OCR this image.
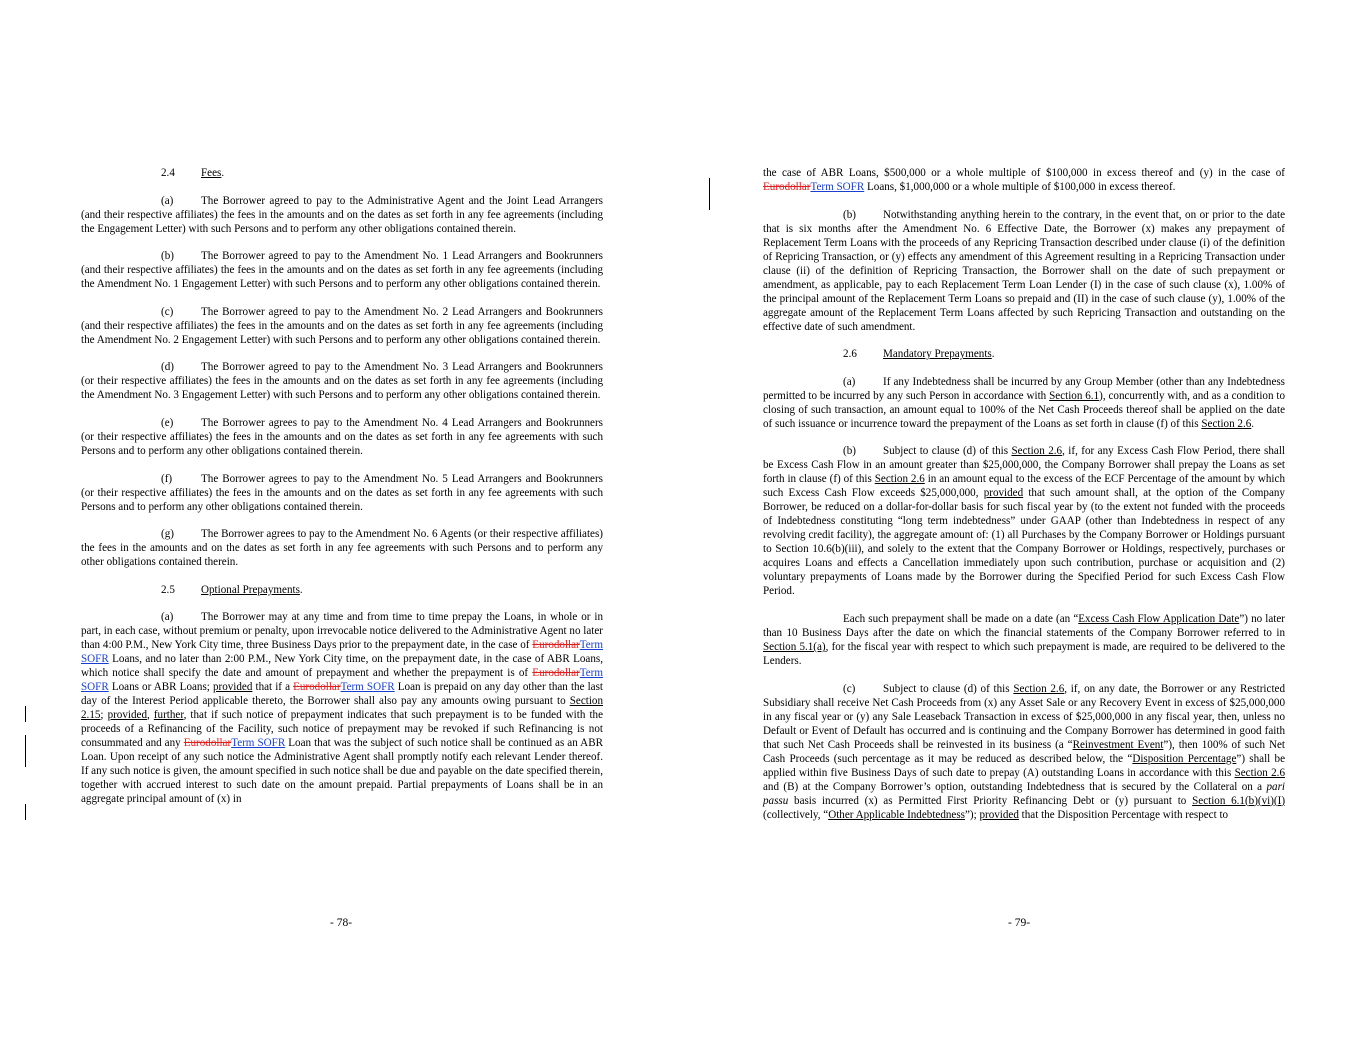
2.4 Fees.

(a) The Borrower agreed to pay to the Administrative Agent and the Joint Lead Arrangers (and their respective affiliates) the fees in the amounts and on the dates as set forth in any fee agreements (including the Engagement Letter) with such Persons and to perform any other obligations contained therein.

(b) The Borrower agreed to pay to the Amendment No. 1 Lead Arrangers and Bookrunners (and their respective affiliates) the fees in the amounts and on the dates as set forth in any fee agreements (including the Amendment No. 1 Engagement Letter) with such Persons and to perform any other obligations contained therein.

(c) The Borrower agreed to pay to the Amendment No. 2 Lead Arrangers and Bookrunners (and their respective affiliates) the fees in the amounts and on the dates as set forth in any fee agreements (including the Amendment No. 2 Engagement Letter) with such Persons and to perform any other obligations contained therein.

(d) The Borrower agreed to pay to the Amendment No. 3 Lead Arrangers and Bookrunners (or their respective affiliates) the fees in the amounts and on the dates as set forth in any fee agreements (including the Amendment No. 3 Engagement Letter) with such Persons and to perform any other obligations contained therein.

(e) The Borrower agrees to pay to the Amendment No. 4 Lead Arrangers and Bookrunners (or their respective affiliates) the fees in the amounts and on the dates as set forth in any fee agreements with such Persons and to perform any other obligations contained therein.

(f)	The Borrower agrees to pay to the Amendment No. 5 Lead Arrangers and Bookrunners (or their respective affiliates) the fees in the amounts and on the dates as set forth in any fee agreements with such Persons and to perform any other obligations contained therein.

(g) The Borrower agrees to pay to the Amendment No. 6 Agents (or their respective affiliates) the fees in the amounts and on the dates as set forth in any fee agreements with such Persons and to perform any other obligations contained therein.

2.5 Optional Prepayments.

(a) The Borrower may at any time and from time to time prepay the Loans, in whole or in part, in each case, without premium or penalty, upon irrevocable notice delivered to the Administrative Agent no later than 4:00 P.M., New York City time, three Business Days prior to the prepayment date, in the case of EurodollarTerm SOFR Loans, and no later than 2:00 P.M., New York City time, on the prepayment date, in the case of ABR Loans, which notice shall specify the date and amount of prepayment and whether the prepayment is of EurodollarTerm SOFR Loans or ABR Loans; provided that if a EurodollarTerm SOFR Loan is prepaid on any day other than the last day of the Interest Period applicable thereto, the Borrower shall also pay any amounts owing pursuant to Section 2.15; provided, further, that if such notice of prepayment indicates that such prepayment is to be funded with the proceeds of a Refinancing of the Facility, such notice of prepayment may be revoked if such Refinancing is not consummated and any EurodollarTerm SOFR Loan that was the subject of such notice shall be continued as an ABR Loan. Upon receipt of any such notice the Administrative Agent shall promptly notify each relevant Lender thereof. If any such notice is given, the amount specified in such notice shall be due and payable on the date specified therein, together with accrued interest to such date on the amount prepaid. Partial prepayments of Loans shall be in an aggregate principal amount of (x) in

- 78-

the case of ABR Loans, $500,000 or a whole multiple of $100,000 in excess thereof and (y) in the case of EurodollarTerm SOFR Loans, $1,000,000 or a whole multiple of $100,000 in excess thereof.

(b) Notwithstanding anything herein to the contrary, in the event that, on or prior to the date that is six months after the Amendment No. 6 Effective Date, the Borrower (x) makes any prepayment of Replacement Term Loans with the proceeds of any Repricing Transaction described under clause (i) of the definition of Repricing Transaction, or (y) effects any amendment of this Agreement resulting in a Repricing Transaction under clause (ii) of the definition of Repricing Transaction, the Borrower shall on the date of such prepayment or amendment, as applicable, pay to each Replacement Term Loan Lender (I) in the case of such clause (x), 1.00% of the principal amount of the Replacement Term Loans so prepaid and (II) in the case of such clause (y), 1.00% of the aggregate amount of the Replacement Term Loans affected by such Repricing Transaction and outstanding on the effective date of such amendment.

2.6 Mandatory Prepayments.

(a) If any Indebtedness shall be incurred by any Group Member (other than any Indebtedness permitted to be incurred by any such Person in accordance with Section 6.1), concurrently with, and as a condition to closing of such transaction, an amount equal to 100% of the Net Cash Proceeds thereof shall be applied on the date of such issuance or incurrence toward the prepayment of the Loans as set forth in clause (f) of this Section 2.6.

(b) Subject to clause (d) of this Section 2.6, if, for any Excess Cash Flow Period, there shall be Excess Cash Flow in an amount greater than $25,000,000, the Company Borrower shall prepay the Loans as set forth in clause (f) of this Section 2.6 in an amount equal to the excess of the ECF Percentage of the amount by which such Excess Cash Flow exceeds $25,000,000, provided that such amount shall, at the option of the Company Borrower, be reduced on a dollar-for-dollar basis for such fiscal year by (to the extent not funded with the proceeds of Indebtedness constituting “long term indebtedness” under GAAP (other than Indebtedness in respect of any revolving credit facility), the aggregate amount of: (1) all Purchases by the Company Borrower or Holdings pursuant to Section 10.6(b)(iii), and solely to the extent that the Company Borrower or Holdings, respectively, purchases or acquires Loans and effects a Cancellation immediately upon such contribution, purchase or acquisition and (2) voluntary prepayments of Loans made by the Borrower during the Specified Period for such Excess Cash Flow Period.

Each such prepayment shall be made on a date (an “Excess Cash Flow Application Date”) no later than 10 Business Days after the date on which the financial statements of the Company Borrower referred to in Section 5.1(a), for the fiscal year with respect to which such prepayment is made, are required to be delivered to the Lenders.

(c) Subject to clause (d) of this Section 2.6, if, on any date, the Borrower or any Restricted Subsidiary shall receive Net Cash Proceeds from (x) any Asset Sale or any Recovery Event in excess of $25,000,000 in any fiscal year or (y) any Sale Leaseback Transaction in excess of $25,000,000 in any fiscal year, then, unless no Default or Event of Default has occurred and is continuing and the Company Borrower has determined in good faith that such Net Cash Proceeds shall be reinvested in its business (a “Reinvestment Event”), then 100% of such Net Cash Proceeds (such percentage as it may be reduced as described below, the “Disposition Percentage”) shall be applied within five Business Days of such date to prepay (A) outstanding Loans in accordance with this Section 2.6 and (B) at the Company Borrower’s option, outstanding Indebtedness that is secured by the Collateral on a pari passu basis incurred (x) as Permitted First Priority Refinancing Debt or (y) pursuant to Section 6.1(b)(vi)(I) (collectively, “Other Applicable Indebtedness”); provided that the Disposition Percentage with respect to

- 79-
